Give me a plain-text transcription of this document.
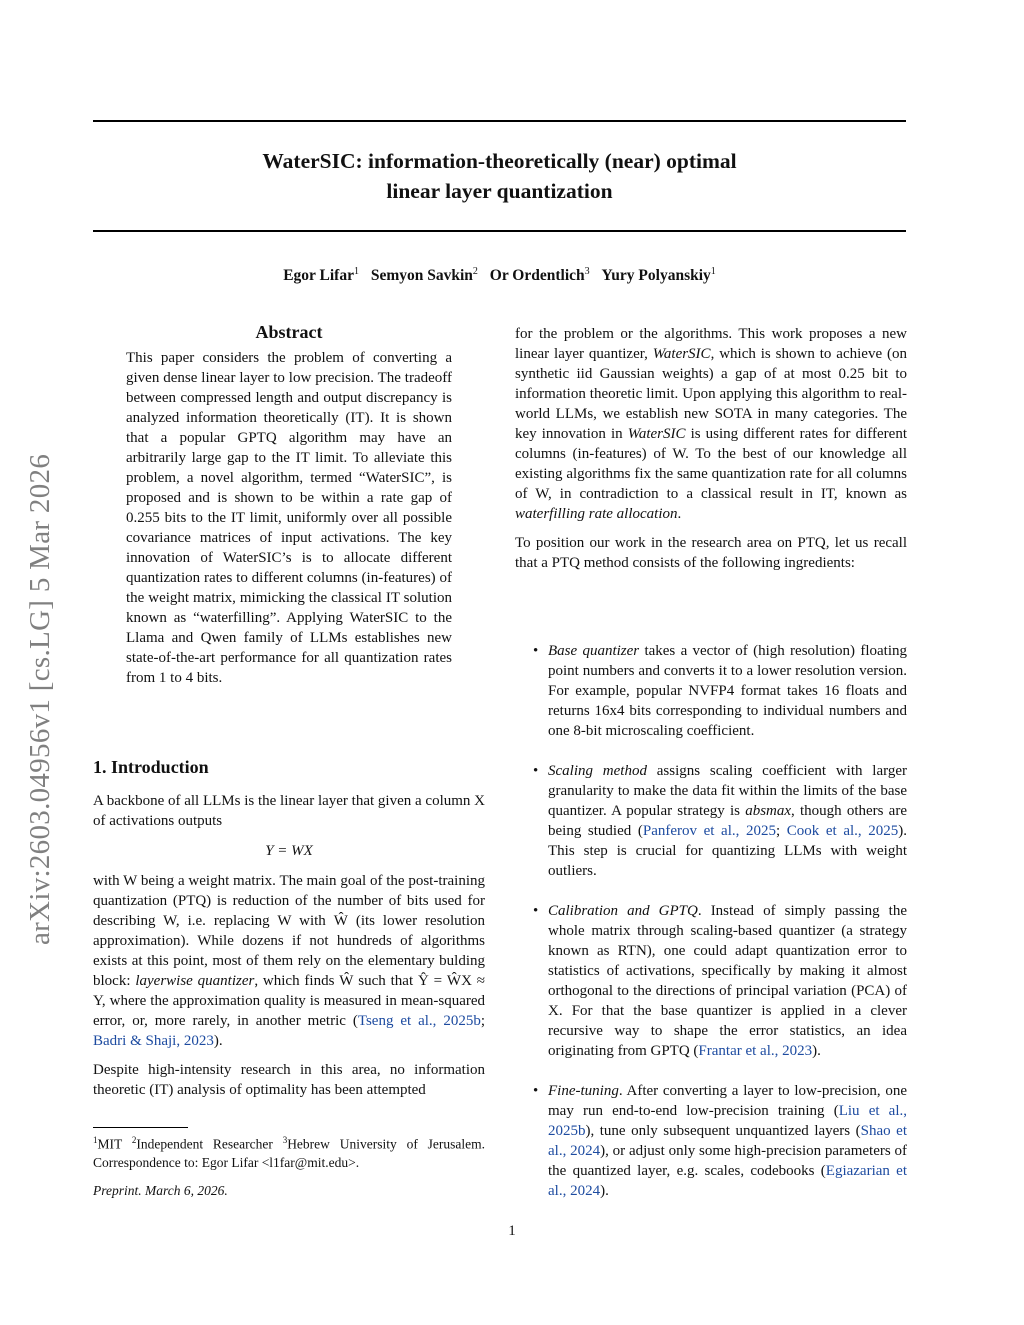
WaterSIC: information-theoretically (near) optimal
linear layer quantization
Egor Lifar$^1$ Semyon Savkin$^2$ Or Ordentlich$^3$ Yury Polyanskiy$^1$
arXiv:2603.04956v1 [cs.LG] 5 Mar 2026
Abstract

This paper considers the problem of converting a given dense linear layer to low precision. The tradeoff between compressed length and output discrepancy is analyzed information theoretically (IT). It is shown that a popular GPTQ algorithm may have an arbitrarily large gap to the IT limit. To alleviate this problem, a novel algorithm, termed “WaterSIC”, is proposed and is shown to be within a rate gap of 0.255 bits to the IT limit, uniformly over all possible covariance matrices of input activations. The key innovation of WaterSIC’s is to allocate different quantization rates to different columns (in-features) of the weight matrix, mimicking the classical IT solution known as “waterfilling”. Applying WaterSIC to the Llama and Qwen family of LLMs establishes new state-of-the-art performance for all quantization rates from 1 to 4 bits.

1. Introduction

A backbone of all LLMs is the linear layer that given a column X of activations outputs

Y = WX

with W being a weight matrix. The main goal of the post-training quantization (PTQ) is reduction of the number of bits used for describing W, i.e. replacing W with Ŵ (its lower resolution approximation). While dozens if not hundreds of algorithms exists at this point, most of them rely on the elementary bulding block: layerwise quantizer, which finds Ŵ such that Ŷ = ŴX ≈ Y, where the approximation quality is measured in mean-squared error, or, more rarely, in another metric (Tseng et al., 2025b; Badri & Shaji, 2023).

Despite high-intensity research in this area, no information theoretic (IT) analysis of optimality has been attempted

$^1$MIT $^2$Independent Researcher $^3$Hebrew University of Jerusalem. Correspondence to: Egor Lifar <l1far@mit.edu>.
Preprint. March 6, 2026.

for the problem or the algorithms. This work proposes a new linear layer quantizer, WaterSIC, which is shown to achieve (on synthetic iid Gaussian weights) a gap of at most 0.25 bit to information theoretic limit. Upon applying this algorithm to real-world LLMs, we establish new SOTA in many categories. The key innovation in WaterSIC is using different rates for different columns (in-features) of W. To the best of our knowledge all existing algorithms fix the same quantization rate for all columns of W, in contradiction to a classical result in IT, known as waterfilling rate allocation.

To position our work in the research area on PTQ, let us recall that a PTQ method consists of the following ingredients:

• Base quantizer takes a vector of (high resolution) floating point numbers and converts it to a lower resolution version. For example, popular NVFP4 format takes 16 floats and returns 16x4 bits corresponding to individual numbers and one 8-bit microscaling coefficient.
• Scaling method assigns scaling coefficient with larger granularity to make the data fit within the limits of the base quantizer. A popular strategy is absmax, though others are being studied (Panferov et al., 2025; Cook et al., 2025). This step is crucial for quantizing LLMs with weight outliers.
• Calibration and GPTQ. Instead of simply passing the whole matrix through scaling-based quantizer (a strategy known as RTN), one could adapt quantization error to statistics of activations, specifically by making it almost orthogonal to the directions of principal variation (PCA) of X. For that the base quantizer is applied in a clever recursive way to shape the error statistics, an idea originating from GPTQ (Frantar et al., 2023).
• Fine-tuning. After converting a layer to low-precision, one may run end-to-end low-precision training (Liu et al., 2025b), tune only subsequent unquantized layers (Shao et al., 2024), or adjust only some high-precision parameters of the quantized layer, e.g. scales, codebooks (Egiazarian et al., 2024).
1
